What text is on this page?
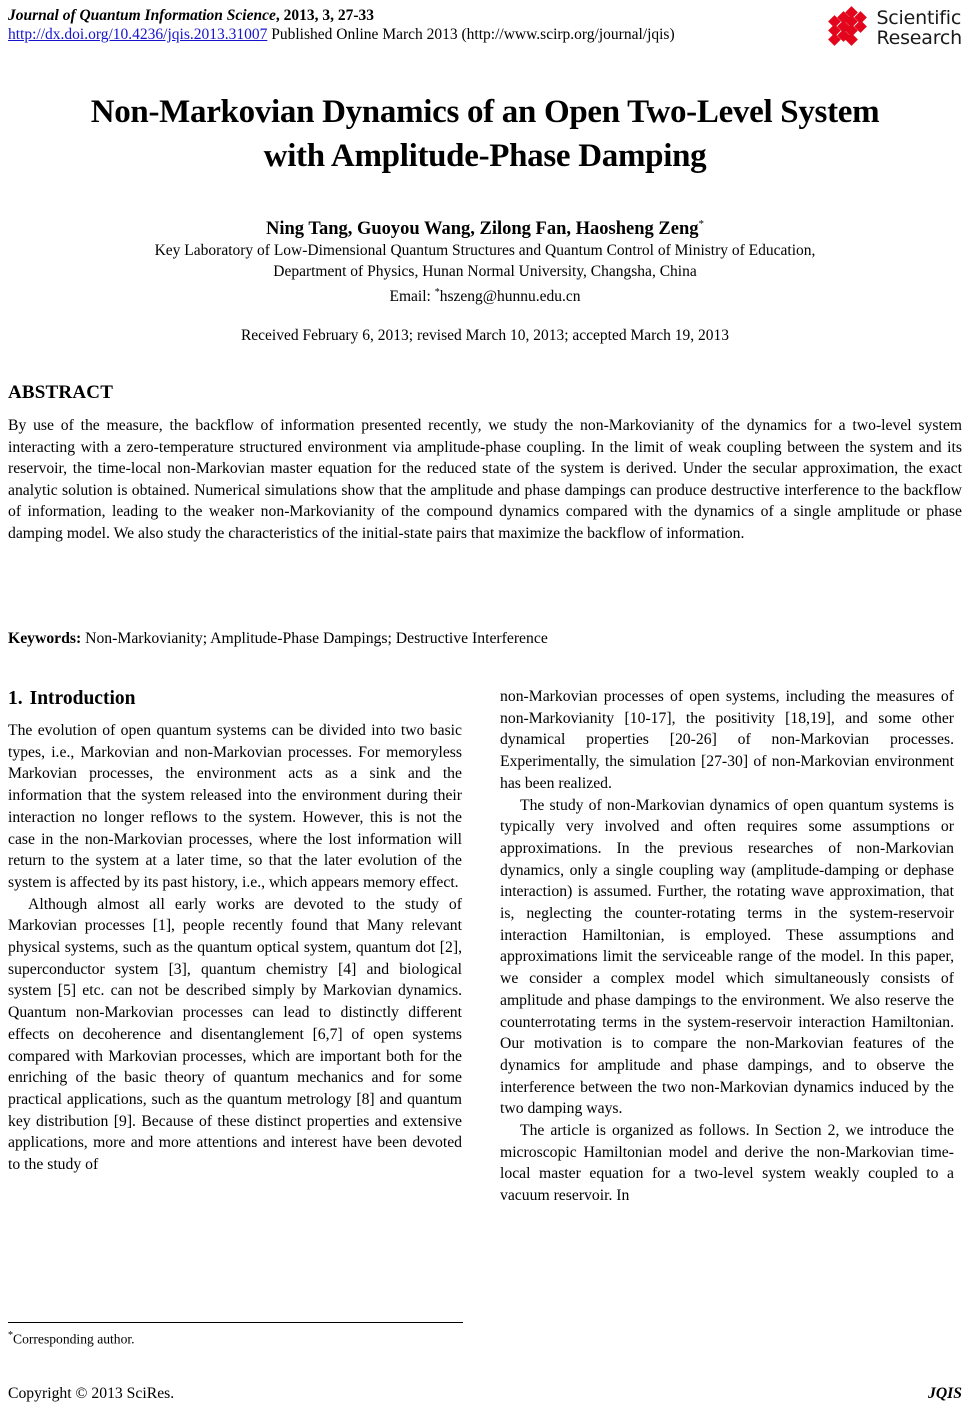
Journal of Quantum Information Science, 2013, 3, 27-33
http://dx.doi.org/10.4236/jqis.2013.31007 Published Online March 2013 (http://www.scirp.org/journal/jqis)
Scientific
Research
Non-Markovian Dynamics of an Open Two-Level System with Amplitude-Phase Damping
Ning Tang, Guoyou Wang, Zilong Fan, Haosheng Zeng*
Key Laboratory of Low-Dimensional Quantum Structures and Quantum Control of Ministry of Education, Department of Physics, Hunan Normal University, Changsha, China
Email: *hszeng@hunnu.edu.cn
Received February 6, 2013; revised March 10, 2013; accepted March 19, 2013
ABSTRACT
By use of the measure, the backflow of information presented recently, we study the non-Markovianity of the dynamics for a two-level system interacting with a zero-temperature structured environment via amplitude-phase coupling. In the limit of weak coupling between the system and its reservoir, the time-local non-Markovian master equation for the reduced state of the system is derived. Under the secular approximation, the exact analytic solution is obtained. Numerical simulations show that the amplitude and phase dampings can produce destructive interference to the backflow of information, leading to the weaker non-Markovianity of the compound dynamics compared with the dynamics of a single amplitude or phase damping model. We also study the characteristics of the initial-state pairs that maximize the backflow of information.
Keywords: Non-Markovianity; Amplitude-Phase Dampings; Destructive Interference
1. Introduction

The evolution of open quantum systems can be divided into two basic types, i.e., Markovian and non-Markovian processes. For memoryless Markovian processes, the environment acts as a sink and the information that the system released into the environment during their interaction no longer reflows to the system. However, this is not the case in the non-Markovian processes, where the lost information will return to the system at a later time, so that the later evolution of the system is affected by its past history, i.e., which appears memory effect.

Although almost all early works are devoted to the study of Markovian processes [1], people recently found that Many relevant physical systems, such as the quantum optical system, quantum dot [2], superconductor system [3], quantum chemistry [4] and biological system [5] etc. can not be described simply by Markovian dynamics. Quantum non-Markovian processes can lead to distinctly different effects on decoherence and disentanglement [6,7] of open systems compared with Markovian processes, which are important both for the enriching of the basic theory of quantum mechanics and for some practical applications, such as the quantum metrology [8] and quantum key distribution [9]. Because of these distinct properties and extensive applications, more and more attentions and interest have been devoted to the study of

non-Markovian processes of open systems, including the measures of non-Markovianity [10-17], the positivity [18,19], and some other dynamical properties [20-26] of non-Markovian processes. Experimentally, the simulation [27-30] of non-Markovian environment has been realized.

The study of non-Markovian dynamics of open quantum systems is typically very involved and often requires some assumptions or approximations. In the previous researches of non-Markovian dynamics, only a single coupling way (amplitude-damping or dephase interaction) is assumed. Further, the rotating wave approximation, that is, neglecting the counter-rotating terms in the system-reservoir interaction Hamiltonian, is employed. These assumptions and approximations limit the serviceable range of the model. In this paper, we consider a complex model which simultaneously consists of amplitude and phase dampings to the environment. We also reserve the counterrotating terms in the system-reservoir interaction Hamiltonian. Our motivation is to compare the non-Markovian features of the dynamics for amplitude and phase dampings, and to observe the interference between the two non-Markovian dynamics induced by the two damping ways.

The article is organized as follows. In Section 2, we introduce the microscopic Hamiltonian model and derive the non-Markovian time-local master equation for a two-level system weakly coupled to a vacuum reservoir. In

*Corresponding author.
Copyright © 2013 SciRes.	JQIS
